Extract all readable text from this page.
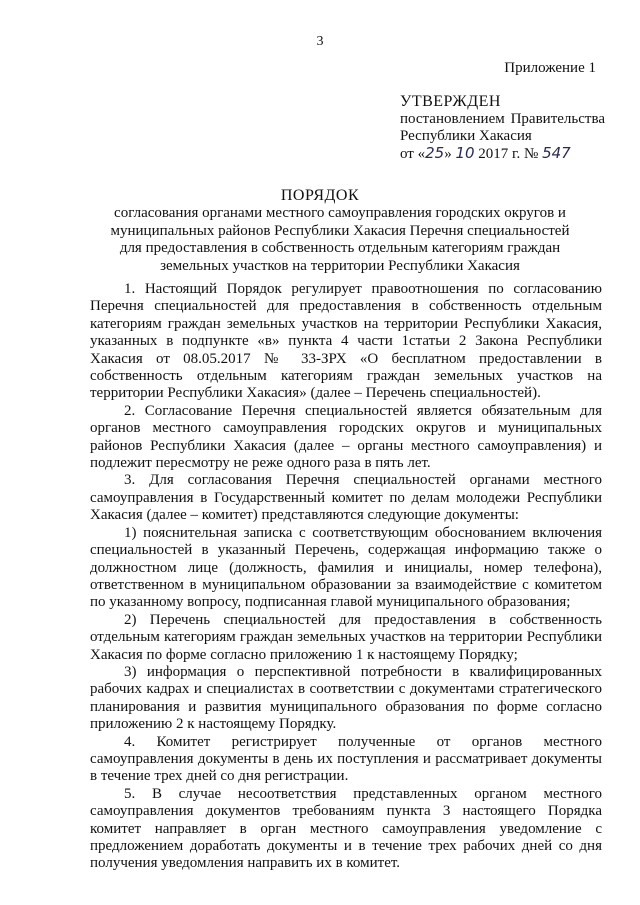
3
Приложение 1
УТВЕРЖДЕН
постановлением Правительства
Республики Хакасия
от «25» 10 2017 г. № 547
ПОРЯДОК
согласования органами местного самоуправления городских округов и муниципальных районов Республики Хакасия Перечня специальностей для предоставления в собственность отдельным категориям граждан земельных участков на территории Республики Хакасия

1. Настоящий Порядок регулирует правоотношения по согласованию Перечня специальностей для предоставления в собственность отдельным категориям граждан земельных участков на территории Республики Хакасия, указанных в подпункте «в» пункта 4 части 1статьи 2 Закона Республики Хакасия от 08.05.2017 № 33-ЗРХ «О бесплатном предоставлении в собственность отдельным категориям граждан земельных участков на территории Республики Хакасия» (далее – Перечень специальностей).

2. Согласование Перечня специальностей является обязательным для органов местного самоуправления городских округов и муниципальных районов Республики Хакасия (далее – органы местного самоуправления) и подлежит пересмотру не реже одного раза в пять лет.

3. Для согласования Перечня специальностей органами местного самоуправления в Государственный комитет по делам молодежи Республики Хакасия (далее – комитет) представляются следующие документы:

1) пояснительная записка с соответствующим обоснованием включения специальностей в указанный Перечень, содержащая информацию также о должностном лице (должность, фамилия и инициалы, номер телефона), ответственном в муниципальном образовании за взаимодействие с комитетом по указанному вопросу, подписанная главой муниципального образования;

2) Перечень специальностей для предоставления в собственность отдельным категориям граждан земельных участков на территории Республики Хакасия по форме согласно приложению 1 к настоящему Порядку;

3) информация о перспективной потребности в квалифицированных рабочих кадрах и специалистах в соответствии с документами стратегического планирования и развития муниципального образования по форме согласно приложению 2 к настоящему Порядку.

4. Комитет регистрирует полученные от органов местного самоуправления документы в день их поступления и рассматривает документы в течение трех дней со дня регистрации.

5. В случае несоответствия представленных органом местного самоуправления документов требованиям пункта 3 настоящего Порядка комитет направляет в орган местного самоуправления уведомление с предложением доработать документы и в течение трех рабочих дней со дня получения уведомления направить их в комитет.
